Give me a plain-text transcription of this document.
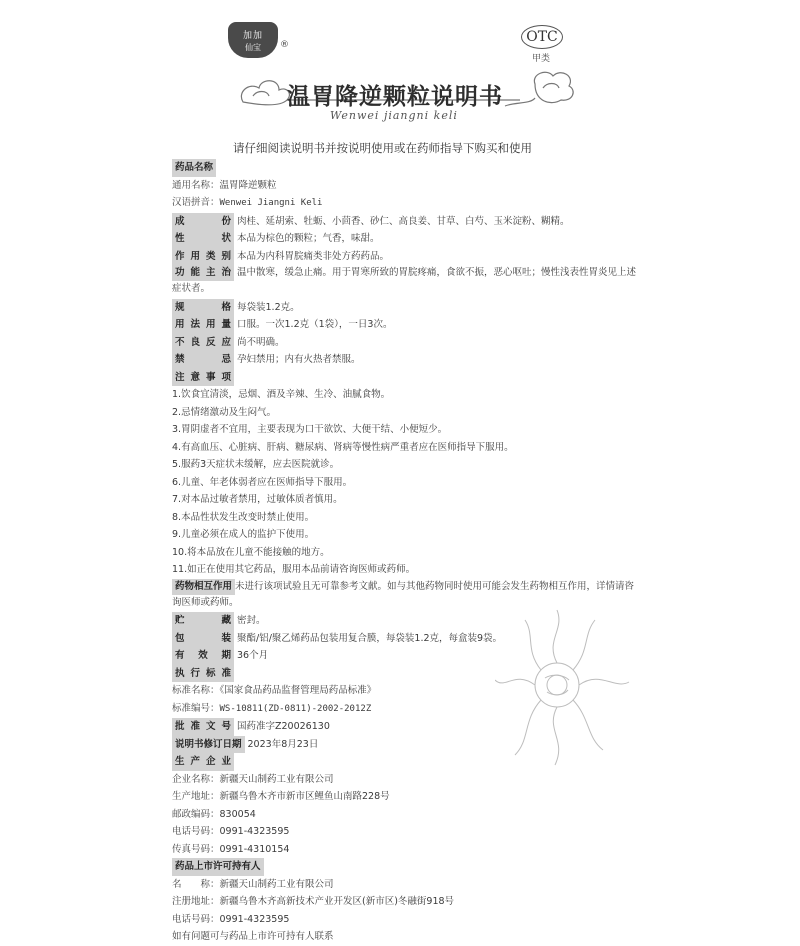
加加
仙宝	®	OTC
甲类
温胃降逆颗粒说明书
Wenwei jiangni keli
请仔细阅读说明书并按说明使用或在药师指导下购买和使用
药品名称
通用名称：温胃降逆颗粒
汉语拼音：Wenwei Jiangni Keli
成　　份 肉桂、延胡索、牡蛎、小茴香、砂仁、高良姜、甘草、白芍、玉米淀粉、糊精。
性　　状 本品为棕色的颗粒；气香，味甜。
作用类别 本品为内科胃脘痛类非处方药药品。
功能主治 温中散寒，缓急止痛。用于胃寒所致的胃脘疼痛，食欲不振，恶心呕吐；慢性浅表性胃炎见上述症状者。
规　　格 每袋装1.2克。
用法用量 口服。一次1.2克（1袋），一日3次。
不良反应 尚不明确。
禁　　忌 孕妇禁用；内有火热者禁服。
注意事项
1.饮食宜清淡，忌烟、酒及辛辣、生冷、油腻食物。
2.忌情绪激动及生闷气。
3.胃阴虚者不宜用，主要表现为口干欲饮、大便干结、小便短少。
4.有高血压、心脏病、肝病、糖尿病、肾病等慢性病严重者应在医师指导下服用。
5.服药3天症状未缓解，应去医院就诊。
6.儿童、年老体弱者应在医师指导下服用。
7.对本品过敏者禁用，过敏体质者慎用。
8.本品性状发生改变时禁止使用。
9.儿童必须在成人的监护下使用。
10.将本品放在儿童不能接触的地方。
11.如正在使用其它药品，服用本品前请咨询医师或药师。
药物相互作用 未进行该项试验且无可靠参考文献。如与其他药物同时使用可能会发生药物相互作用，详情请咨询医师或药师。
贮　　藏 密封。
包　　装 聚酯/铝/聚乙烯药品包装用复合膜，每袋装1.2克，每盒装9袋。
有 效 期 36个月
执行标准
标准名称：《国家食品药品监督管理局药品标准》
标准编号：WS-10811(ZD-0811)-2002-2012Z
批准文号 国药准字Z20026130
说明书修订日期 2023年8月23日
生产企业
企业名称：新疆天山制药工业有限公司
生产地址：新疆乌鲁木齐市新市区鲤鱼山南路228号
邮政编码：830054
电话号码：0991-4323595
传真号码：0991-4310154
药品上市许可持有人
名　　称：新疆天山制药工业有限公司
注册地址：新疆乌鲁木齐高新技术产业开发区(新市区)冬融街918号
电话号码：0991-4323595
如有问题可与药品上市许可持有人联系
